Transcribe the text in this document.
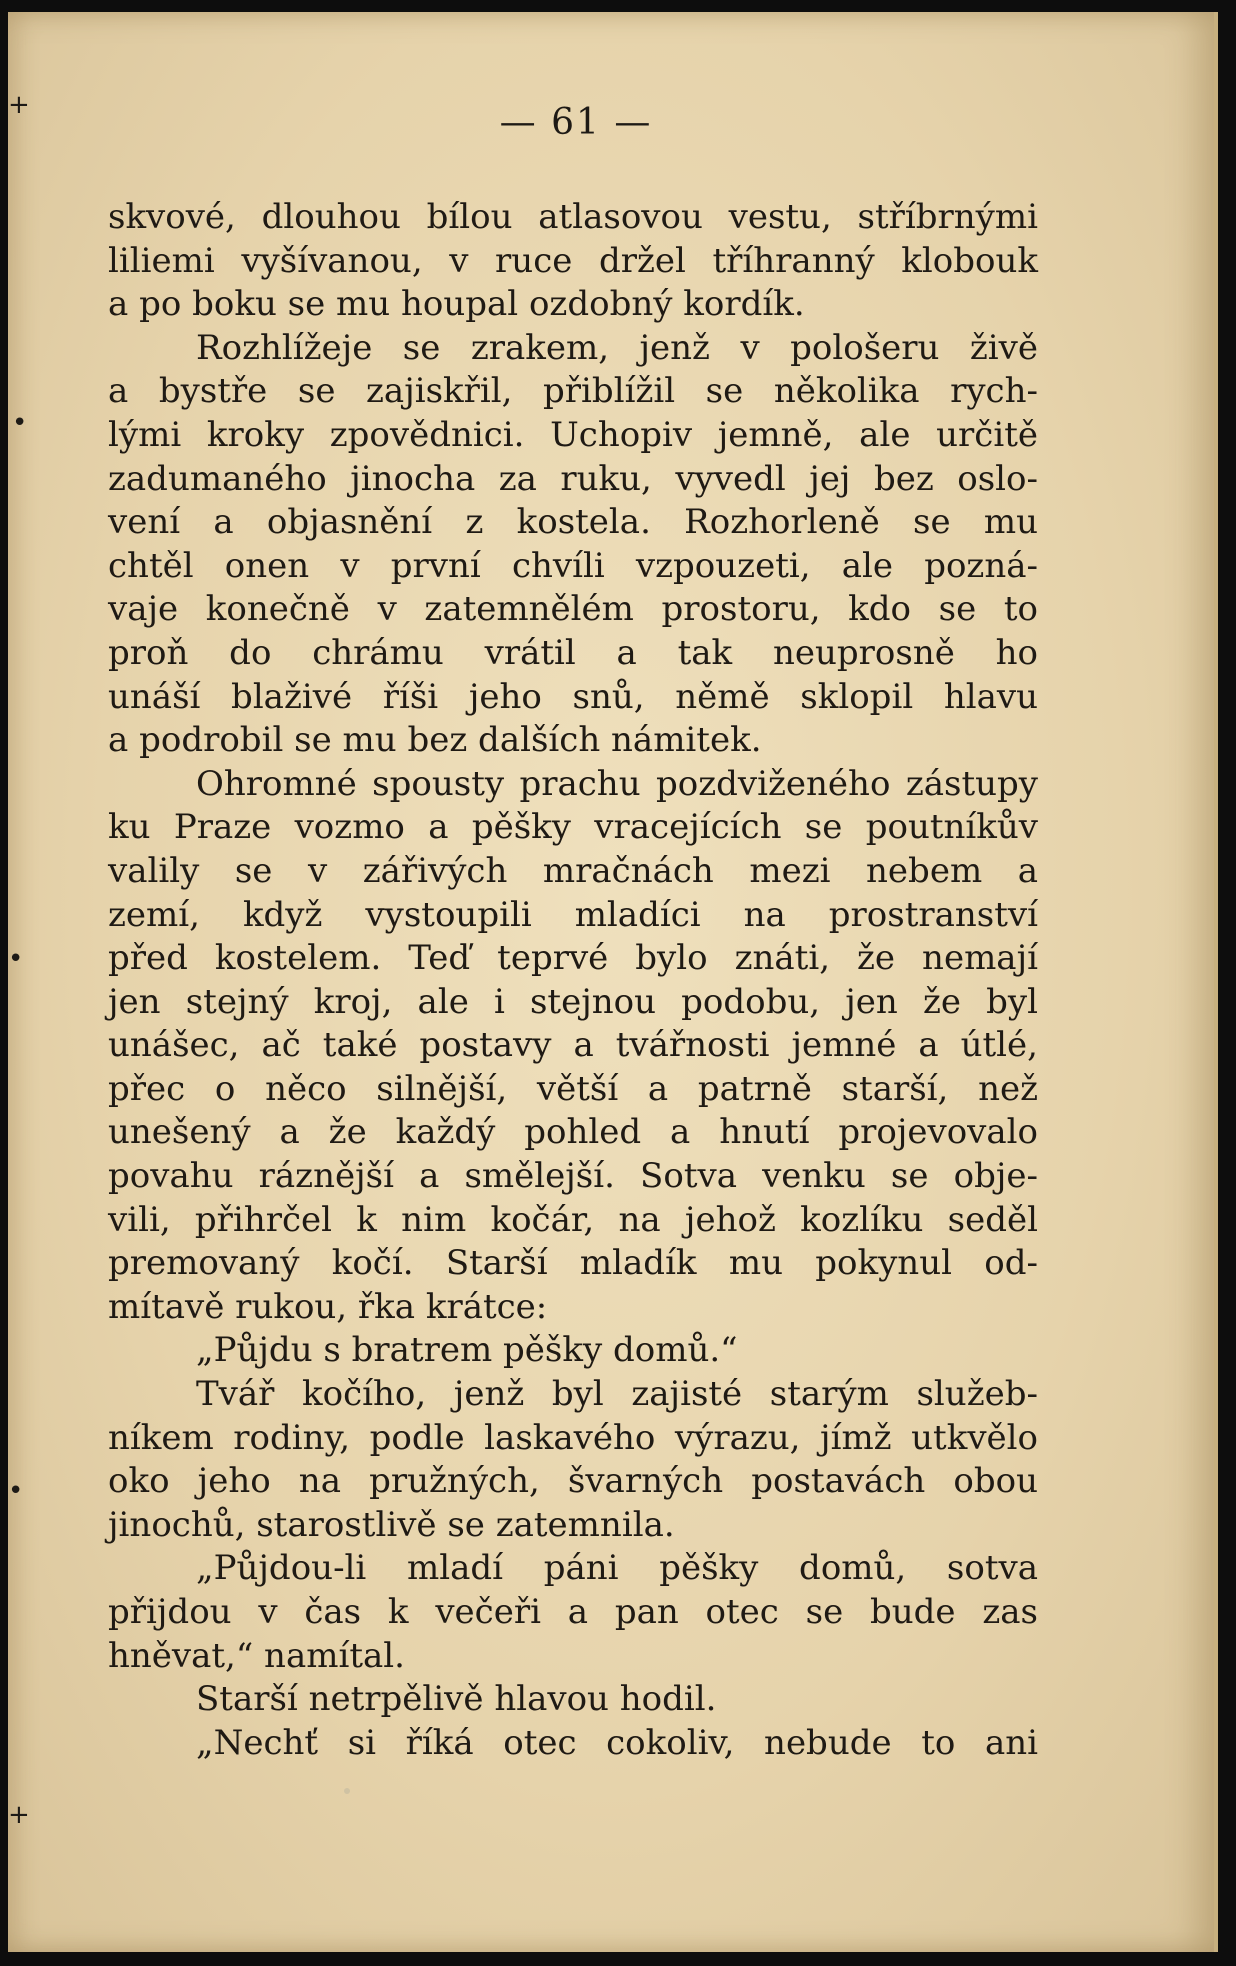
+
•
•
•
+
— 61 —
skvové, dlouhou bílou atlasovou vestu, stříbrnými
liliemi vyšívanou, v ruce držel tříhranný klobouk
a po boku se mu houpal ozdobný kordík.
Rozhlížeje se zrakem, jenž v pološeru živě
a bystře se zajiskřil, přiblížil se několika rych-
lými kroky zpovědnici. Uchopiv jemně, ale určitě
zadumaného jinocha za ruku, vyvedl jej bez oslo-
vení a objasnění z kostela. Rozhorleně se mu
chtěl onen v první chvíli vzpouzeti, ale pozná-
vaje konečně v zatemnělém prostoru, kdo se to
proň do chrámu vrátil a tak neuprosně ho
unáší blaživé říši jeho snů, němě sklopil hlavu
a podrobil se mu bez dalších námitek.
Ohromné spousty prachu pozdviženého zástupy
ku Praze vozmo a pěšky vracejících se poutníkův
valily se v zářivých mračnách mezi nebem a
zemí, když vystoupili mladíci na prostranství
před kostelem. Teď teprvé bylo znáti, že nemají
jen stejný kroj, ale i stejnou podobu, jen že byl
unášec, ač také postavy a tvářnosti jemné a útlé,
přec o něco silnější, větší a patrně starší, než
unešený a že každý pohled a hnutí projevovalo
povahu ráznější a smělejší. Sotva venku se obje-
vili, přihrčel k nim kočár, na jehož kozlíku seděl
premovaný kočí. Starší mladík mu pokynul od-
mítavě rukou, řka krátce:
„Půjdu s bratrem pěšky domů.“
Tvář kočího, jenž byl zajisté starým služeb-
níkem rodiny, podle laskavého výrazu, jímž utkvělo
oko jeho na pružných, švarných postavách obou
jinochů, starostlivě se zatemnila.
„Půjdou-li mladí páni pěšky domů, sotva
přijdou v čas k večeři a pan otec se bude zas
hněvat,“ namítal.
Starší netrpělivě hlavou hodil.
„Nechť si říká otec cokoliv, nebude to ani
